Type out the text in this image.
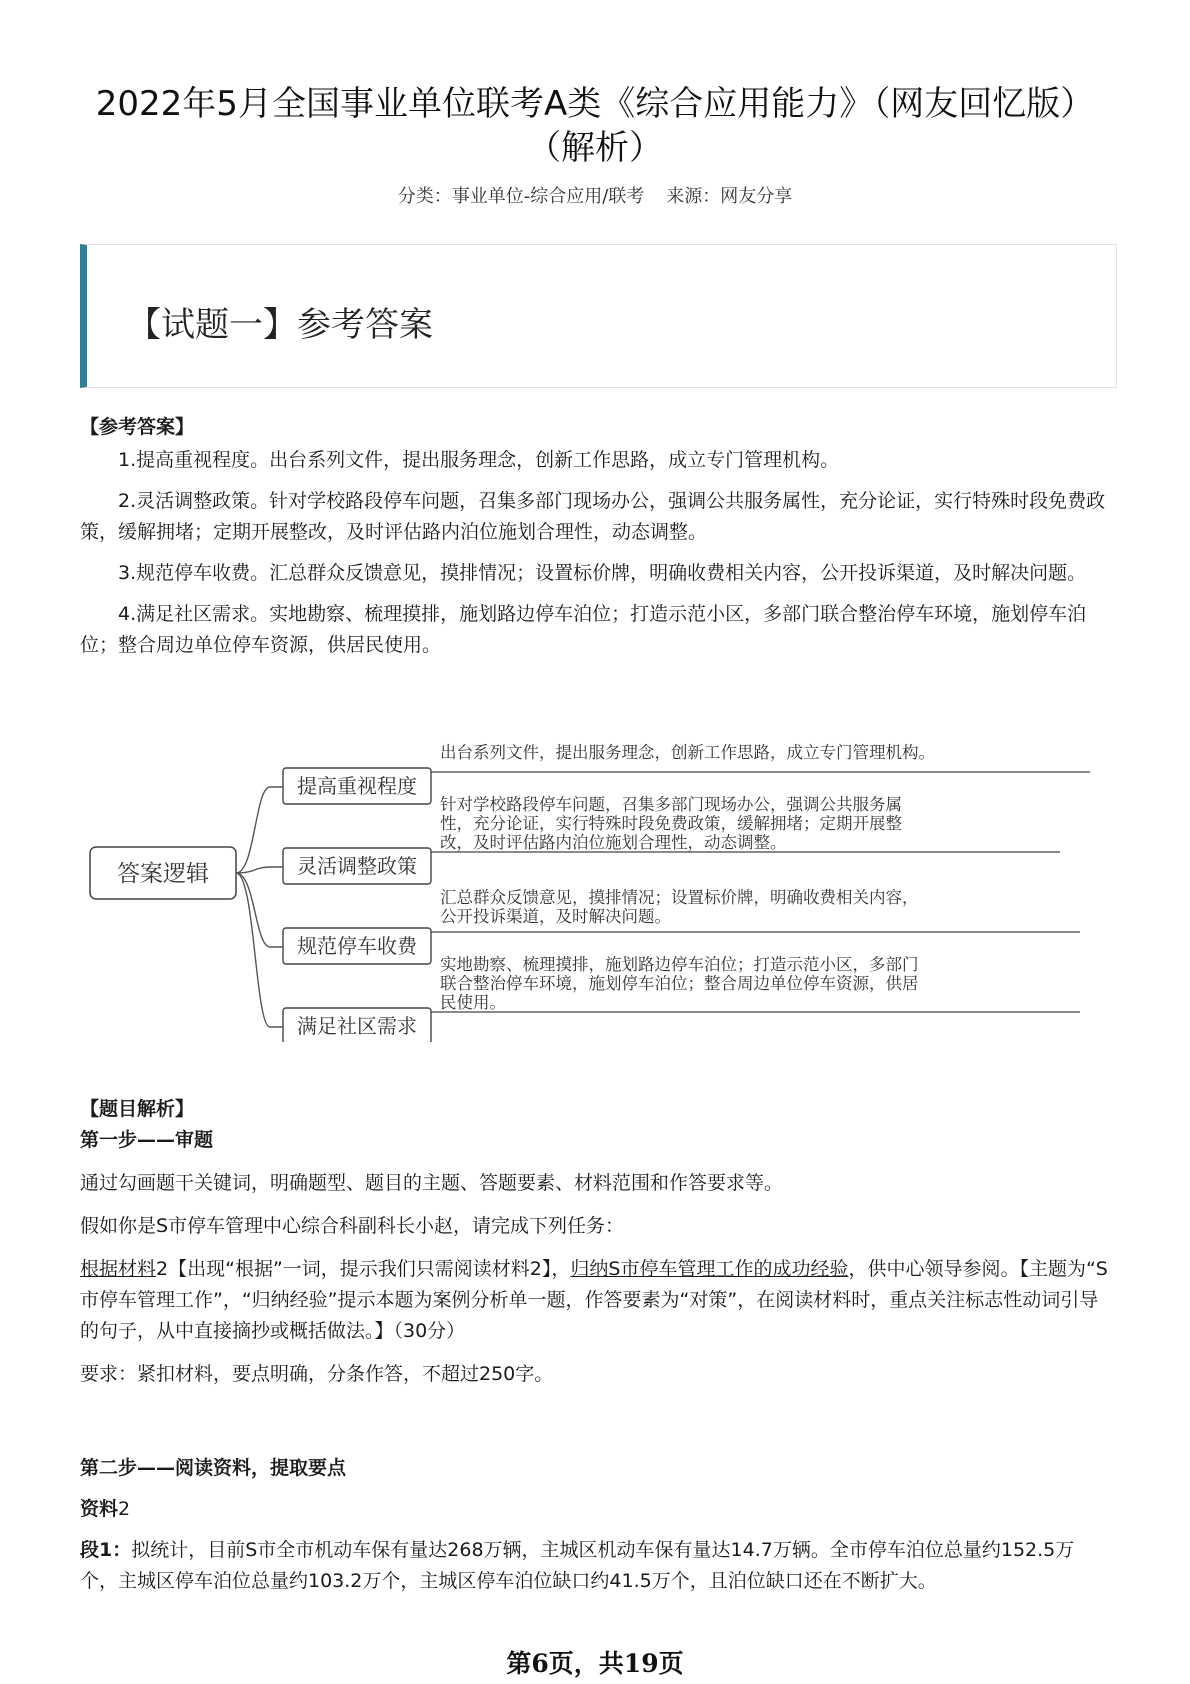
2022年5月全国事业单位联考A类《综合应用能力》（网友回忆版）（解析）
分类：事业单位-综合应用/联考 来源：网友分享
【试题一】参考答案
【参考答案】

1.提高重视程度。出台系列文件，提出服务理念，创新工作思路，成立专门管理机构。

2.灵活调整政策。针对学校路段停车问题，召集多部门现场办公，强调公共服务属性，充分论证，实行特殊时段免费政策，缓解拥堵；定期开展整改，及时评估路内泊位施划合理性，动态调整。

3.规范停车收费。汇总群众反馈意见，摸排情况；设置标价牌，明确收费相关内容，公开投诉渠道，及时解决问题。

4.满足社区需求。实地勘察、梳理摸排，施划路边停车泊位；打造示范小区，多部门联合整治停车环境，施划停车泊位；整合周边单位停车资源，供居民使用。

答案逻辑
提高重视程度
灵活调整政策
规范停车收费
满足社区需求
出台系列文件，提出服务理念，创新工作思路，成立专门管理机构。
针对学校路段停车问题，召集多部门现场办公，强调公共服务属
性，充分论证，实行特殊时段免费政策，缓解拥堵；定期开展整
改，及时评估路内泊位施划合理性，动态调整。
汇总群众反馈意见，摸排情况；设置标价牌，明确收费相关内容，
公开投诉渠道，及时解决问题。
实地勘察、梳理摸排，施划路边停车泊位；打造示范小区，多部门
联合整治停车环境，施划停车泊位；整合周边单位停车资源，供居
民使用。
【题目解析】
第一步——审题

通过勾画题干关键词，明确题型、题目的主题、答题要素、材料范围和作答要求等。

假如你是S市停车管理中心综合科副科长小赵，请完成下列任务：

根据材料2【出现“根据”一词，提示我们只需阅读材料2】，归纳S市停车管理工作的成功经验，供中心领导参阅。【主题为“S市停车管理工作”，“归纳经验”提示本题为案例分析单一题，作答要素为“对策”，在阅读材料时，重点关注标志性动词引导的句子，从中直接摘抄或概括做法。】（30分）

要求：紧扣材料，要点明确，分条作答，不超过250字。

第二步——阅读资料，提取要点

资料2

段1：拟统计，目前S市全市机动车保有量达268万辆，主城区机动车保有量达14.7万辆。全市停车泊位总量约152.5万个，主城区停车泊位总量约103.2万个，主城区停车泊位缺口约41.5万个，且泊位缺口还在不断扩大。

第6页，共19页
